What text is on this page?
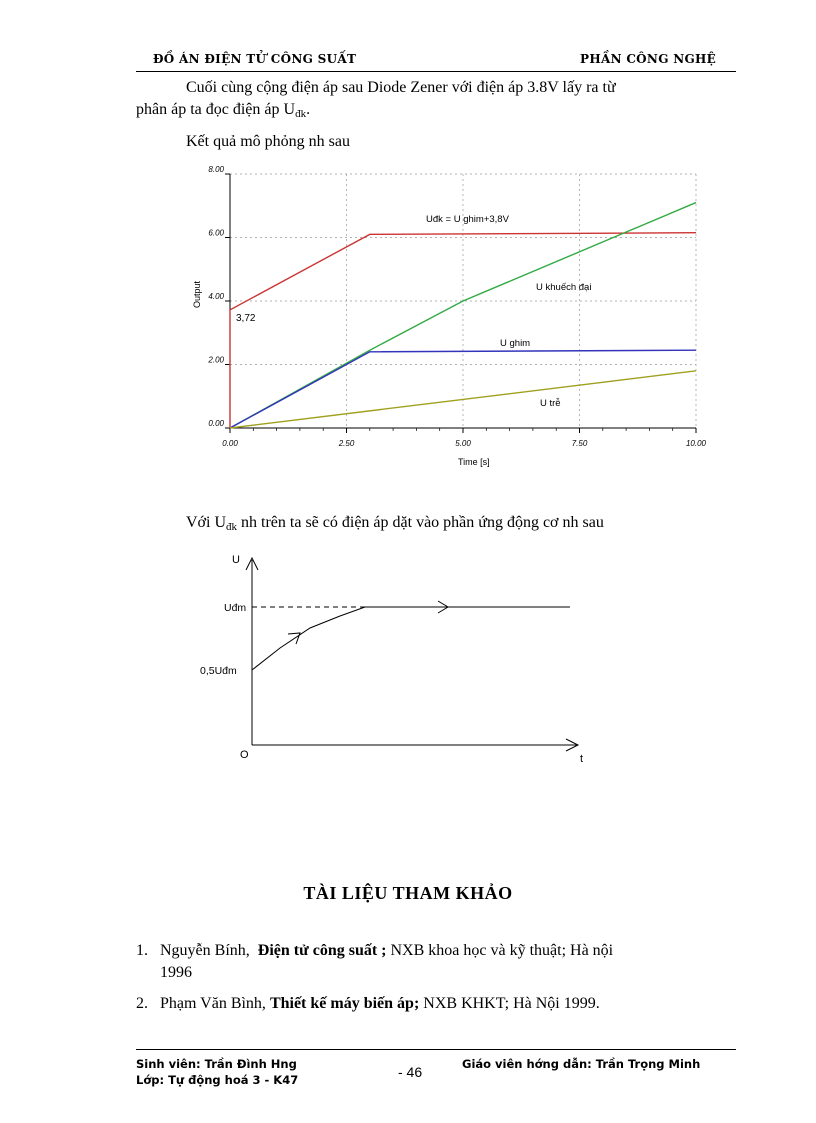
ĐỒ ÁN ĐIỆN TỬ CÔNG SUẤT	PHẦN CÔNG NGHỆ
Cuối cùng cộng điện áp sau Diode Zener với điện áp 3.8V lấy ra từ
phân áp ta đọc điện áp Uđk.
Kết quả mô phỏng nh sau
0.00
2.00
4.00
6.00
8.00
0.00	2.50	5.00	7.50	10.00
Output
Time [s]
3,72
Uđk = U ghim+3,8V
U khuếch đại
U ghim
U trễ
Với Uđk nh trên ta sẽ có điện áp dặt vào phần ứng động cơ nh sau
U
Uđm
0,5Uđm
O	t
TÀI LIỆU THAM KHẢO
1. Nguyễn Bính, Điện tử công suất ; NXB khoa học và kỹ thuật; Hà nội
1996
2. Phạm Văn Bình, Thiết kế máy biến áp; NXB KHKT; Hà Nội 1999.
Sinh viên: Trần Đình Hng
Lớp: Tự động hoá 3 - K47	- 46	Giáo viên hớng dẫn: Trần Trọng Minh
